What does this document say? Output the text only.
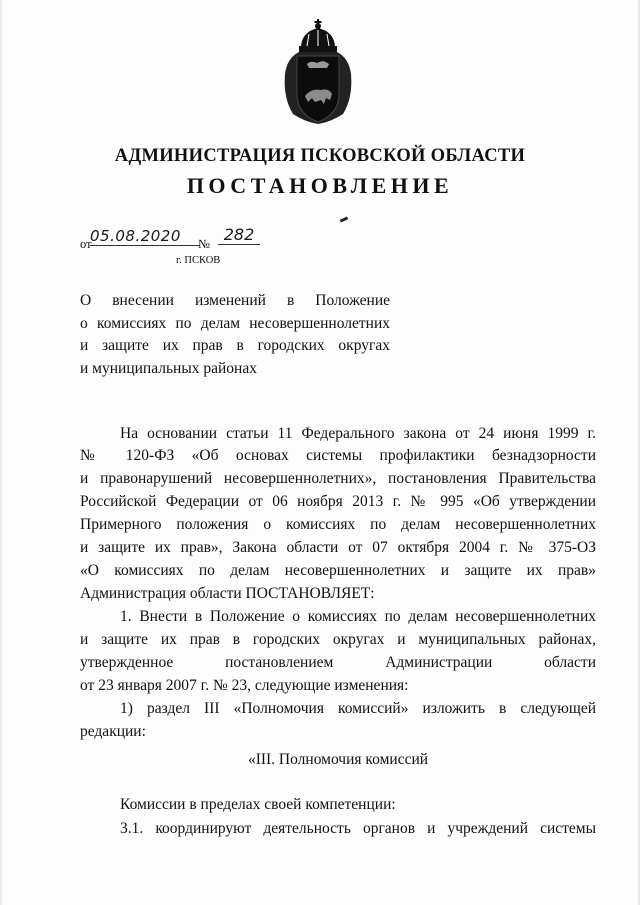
АДМИНИСТРАЦИЯ ПСКОВСКОЙ ОБЛАСТИ
ПОСТАНОВЛЕНИЕ
от
05.08.2020	№ 282
г. ПСКОВ
О внесении изменений в Положение
о комиссиях по делам несовершеннолетних
и защите их прав в городских округах
и муниципальных районах
На основании статьи 11 Федерального закона от 24 июня 1999 г.
№ 120-ФЗ «Об основах системы профилактики безнадзорности
и правонарушений несовершеннолетних», постановления Правительства
Российской Федерации от 06 ноября 2013 г. № 995 «Об утверждении
Примерного положения о комиссиях по делам несовершеннолетних
и защите их прав», Закона области от 07 октября 2004 г. № 375-ОЗ
«О комиссиях по делам несовершеннолетних и защите их прав»
Администрация области ПОСТАНОВЛЯЕТ:
1. Внести в Положение о комиссиях по делам несовершеннолетних
и защите их прав в городских округах и муниципальных районах,
утвержденное постановлением Администрации области
от 23 января 2007 г. № 23, следующие изменения:
1) раздел III «Полномочия комиссий» изложить в следующей
редакции:
«III. Полномочия комиссий
Комиссии в пределах своей компетенции:
3.1. координируют деятельность органов и учреждений системы
